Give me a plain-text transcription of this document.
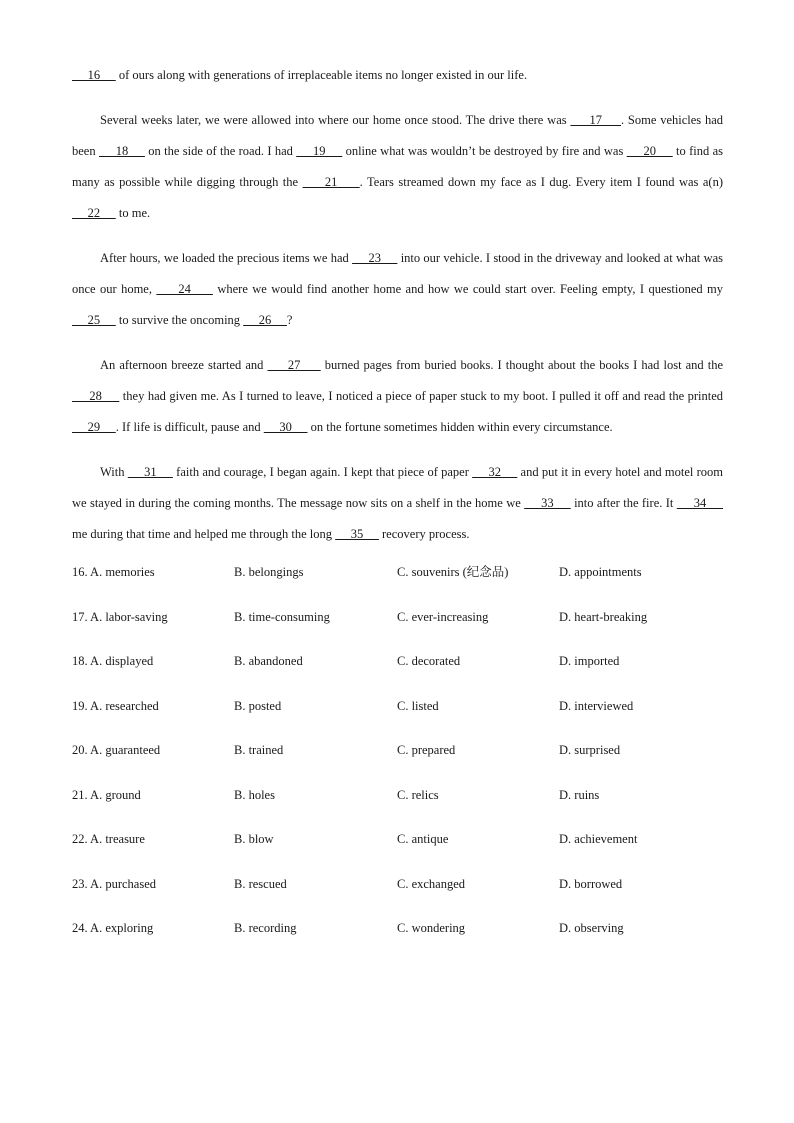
16      of ours along with generations of irreplaceable items no longer existed in our life.

Several weeks later, we were allowed into where our home once stood. The drive there was      17     . Some vehicles had been      18      on the side of the road. I had      19      online what was wouldn’t be destroyed by fire and was      20      to find as many as possible while digging through the      21     . Tears streamed down my face as I dug. Every item I found was a(n)      22      to me.

After hours, we loaded the precious items we had      23      into our vehicle. I stood in the driveway and looked at what was once our home,      24      where we would find another home and how we could start over. Feeling empty, I questioned my      25      to survive the oncoming      26     ?

An afternoon breeze started and      27      burned pages from buried books. I thought about the books I had lost and the      28      they had given me. As I turned to leave, I noticed a piece of paper stuck to my boot. I pulled it off and read the printed      29     . If life is difficult, pause and      30      on the fortune sometimes hidden within every circumstance.

With      31      faith and courage, I began again. I kept that piece of paper      32      and put it in every hotel and motel room we stayed in during the coming months. The message now sits on a shelf in the home we      33      into after the fire. It      34      me during that time and helped me through the long      35      recovery process.

16. A. memories	B. belongings	C. souvenirs (纪念品)	D. appointments
17. A. labor-saving	B. time-consuming	C. ever-increasing	D. heart-breaking
18. A. displayed	B. abandoned	C. decorated	D. imported
19. A. researched	B. posted	C. listed	D. interviewed
20. A. guaranteed	B. trained	C. prepared	D. surprised
21. A. ground	B. holes	C. relics	D. ruins
22. A. treasure	B. blow	C. antique	D. achievement
23. A. purchased	B. rescued	C. exchanged	D. borrowed
24. A. exploring	B. recording	C. wondering	D. observing
